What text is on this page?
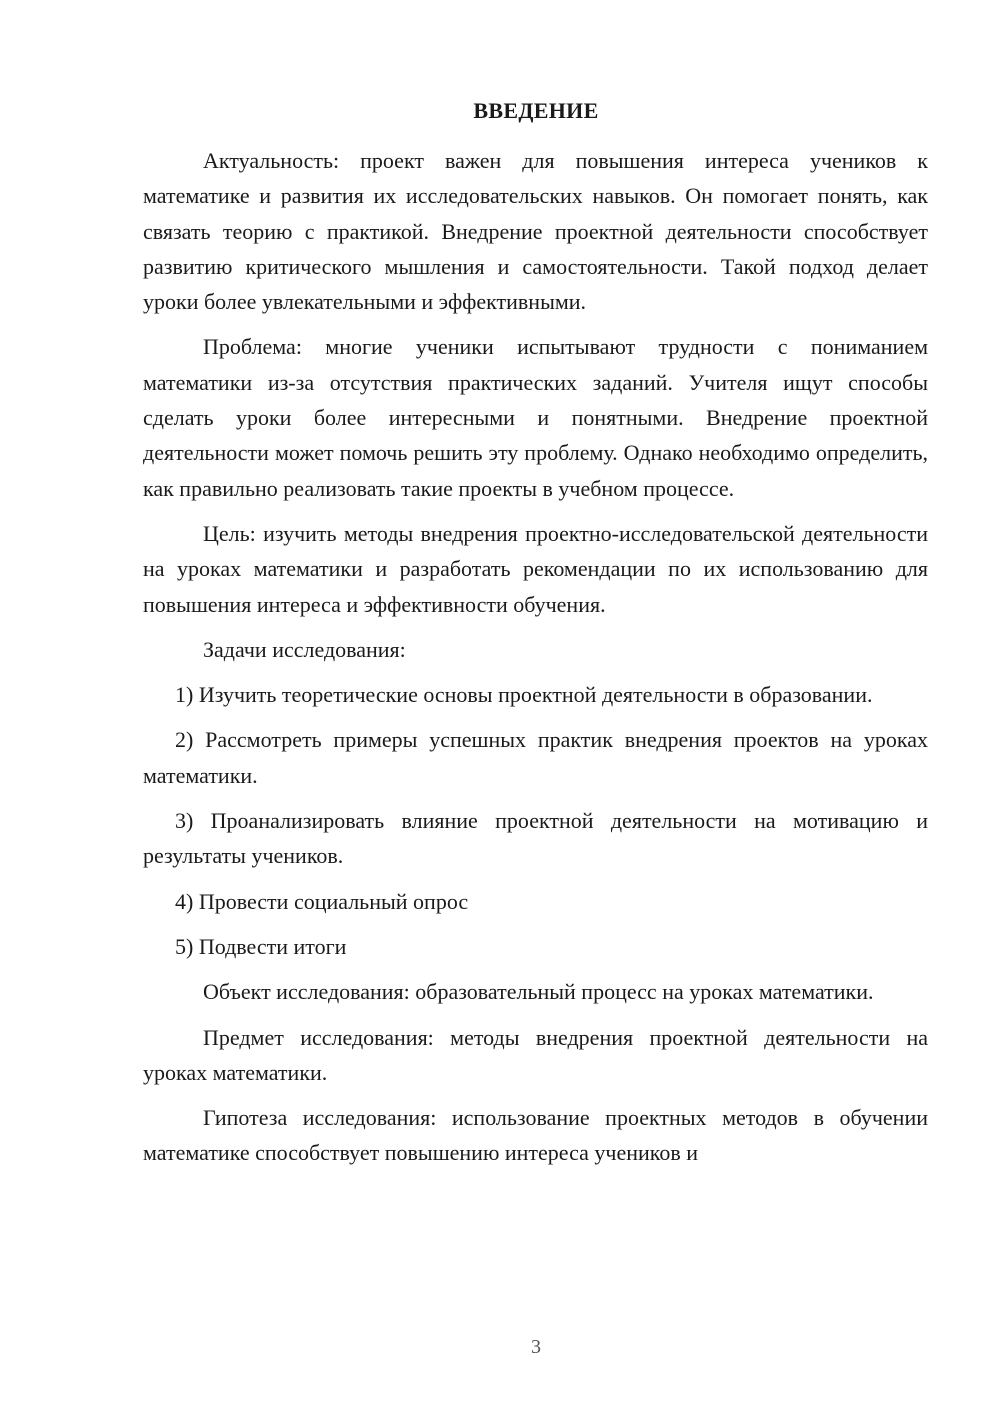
ВВЕДЕНИЕ

Актуальность: проект важен для повышения интереса учеников к математике и развития их исследовательских навыков. Он помогает понять, как связать теорию с практикой. Внедрение проектной деятельности способствует развитию критического мышления и самостоятельности. Такой подход делает уроки более увлекательными и эффективными.

Проблема: многие ученики испытывают трудности с пониманием математики из-за отсутствия практических заданий. Учителя ищут способы сделать уроки более интересными и понятными. Внедрение проектной деятельности может помочь решить эту проблему. Однако необходимо определить, как правильно реализовать такие проекты в учебном процессе.

Цель: изучить методы внедрения проектно-исследовательской деятельности на уроках математики и разработать рекомендации по их использованию для повышения интереса и эффективности обучения.

Задачи исследования:

1) Изучить теоретические основы проектной деятельности в образовании.

2) Рассмотреть примеры успешных практик внедрения проектов на уроках математики.

3) Проанализировать влияние проектной деятельности на мотивацию и результаты учеников.

4) Провести социальный опрос

5) Подвести итоги

Объект исследования: образовательный процесс на уроках математики.

Предмет исследования: методы внедрения проектной деятельности на уроках математики.

Гипотеза исследования: использование проектных методов в обучении математике способствует повышению интереса учеников и

3
